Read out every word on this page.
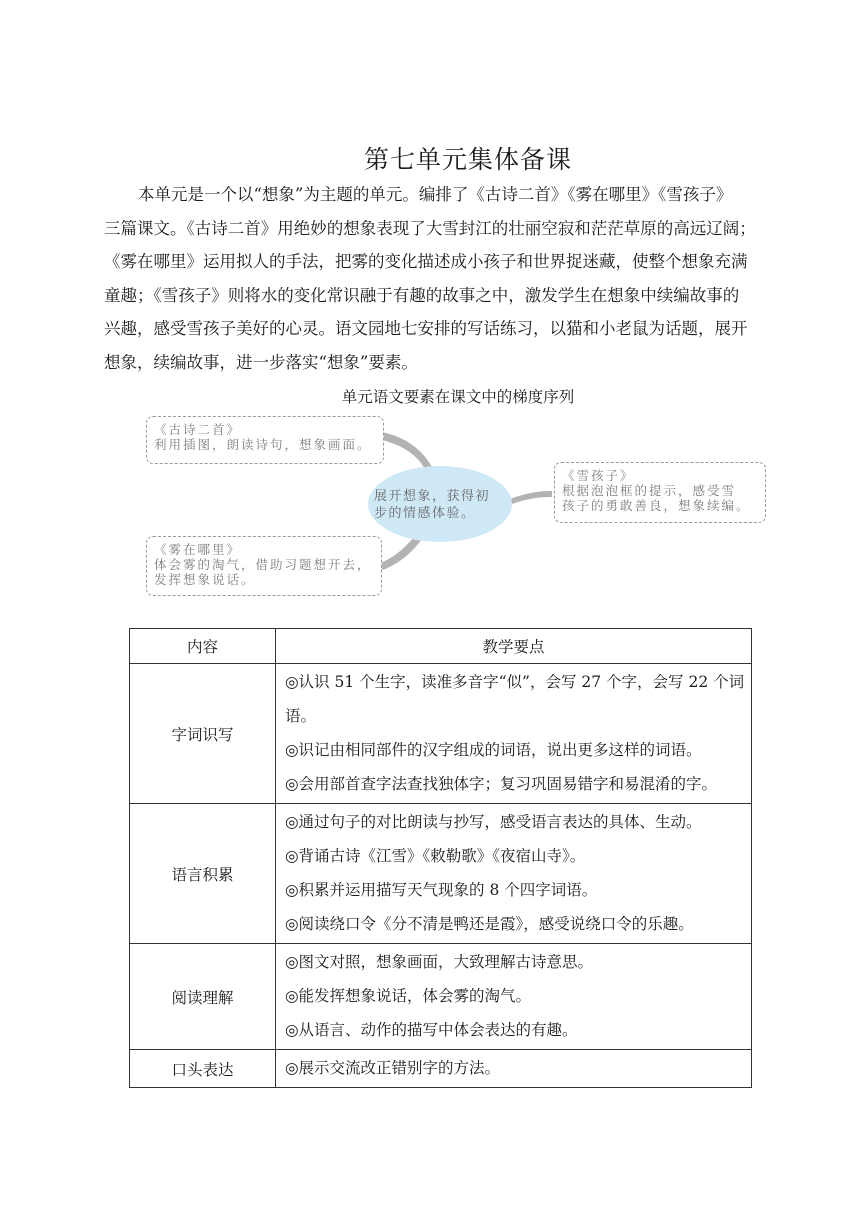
第七单元集体备课
本单元是一个以“想象”为主题的单元。编排了《古诗二首》《雾在哪里》《雪孩子》
三篇课文。《古诗二首》用绝妙的想象表现了大雪封江的壮丽空寂和茫茫草原的高远辽阔；
《雾在哪里》运用拟人的手法，把雾的变化描述成小孩子和世界捉迷藏，使整个想象充满
童趣；《雪孩子》则将水的变化常识融于有趣的故事之中，激发学生在想象中续编故事的
兴趣，感受雪孩子美好的心灵。语文园地七安排的写话练习，以猫和小老鼠为话题，展开
想象，续编故事，进一步落实“想象”要素。
单元语文要素在课文中的梯度序列
《古诗二首》
利用插图，朗读诗句，想象画面。
《雾在哪里》
体会雾的淘气，借助习题想开去，
发挥想象说话。
《雪孩子》
根据泡泡框的提示，感受雪
孩子的勇敢善良，想象续编。
展开想象，获得初
步的情感体验。
内容	教学要点
字词识写	◎认识 51 个生字，读准多音字“似”，会写 27 个字，会写 22 个词语。
◎识记由相同部件的汉字组成的词语，说出更多这样的词语。
◎会用部首查字法查找独体字；复习巩固易错字和易混淆的字。

语言积累	◎通过句子的对比朗读与抄写，感受语言表达的具体、生动。
◎背诵古诗《江雪》《敕勒歌》《夜宿山寺》。
◎积累并运用描写天气现象的 8 个四字词语。
◎阅读绕口令《分不清是鸭还是霞》，感受说绕口令的乐趣。

阅读理解	◎图文对照，想象画面，大致理解古诗意思。
◎能发挥想象说话，体会雾的淘气。
◎从语言、动作的描写中体会表达的有趣。

口头表达	◎展示交流改正错别字的方法。
